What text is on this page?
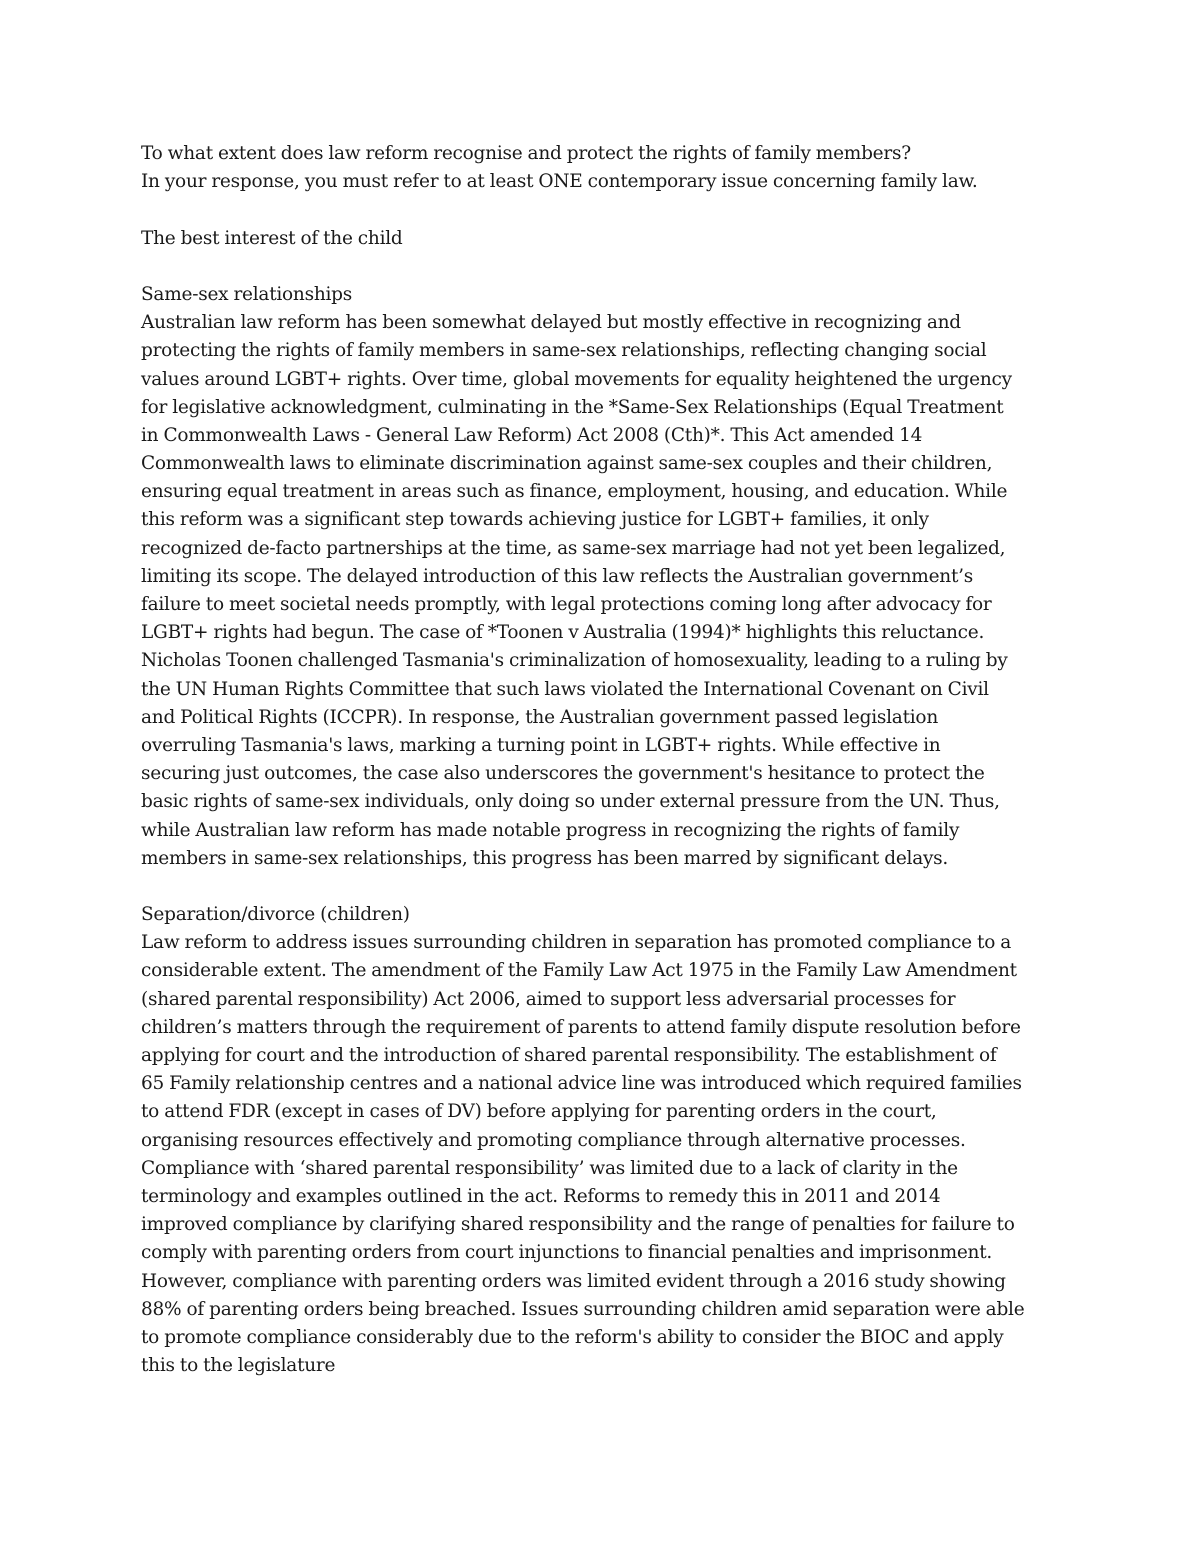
To what extent does law reform recognise and protect the rights of family members?
In your response, you must refer to at least ONE contemporary issue concerning family law.
The best interest of the child
Same-sex relationships
Australian law reform has been somewhat delayed but mostly effective in recognizing and
protecting the rights of family members in same-sex relationships, reflecting changing social
values around LGBT+ rights. Over time, global movements for equality heightened the urgency
for legislative acknowledgment, culminating in the *Same-Sex Relationships (Equal Treatment
in Commonwealth Laws - General Law Reform) Act 2008 (Cth)*. This Act amended 14
Commonwealth laws to eliminate discrimination against same-sex couples and their children,
ensuring equal treatment in areas such as finance, employment, housing, and education. While
this reform was a significant step towards achieving justice for LGBT+ families, it only
recognized de-facto partnerships at the time, as same-sex marriage had not yet been legalized,
limiting its scope. The delayed introduction of this law reflects the Australian government’s
failure to meet societal needs promptly, with legal protections coming long after advocacy for
LGBT+ rights had begun. The case of *Toonen v Australia (1994)* highlights this reluctance.
Nicholas Toonen challenged Tasmania's criminalization of homosexuality, leading to a ruling by
the UN Human Rights Committee that such laws violated the International Covenant on Civil
and Political Rights (ICCPR). In response, the Australian government passed legislation
overruling Tasmania's laws, marking a turning point in LGBT+ rights. While effective in
securing just outcomes, the case also underscores the government's hesitance to protect the
basic rights of same-sex individuals, only doing so under external pressure from the UN. Thus,
while Australian law reform has made notable progress in recognizing the rights of family
members in same-sex relationships, this progress has been marred by significant delays.
Separation/divorce (children)
Law reform to address issues surrounding children in separation has promoted compliance to a
considerable extent. The amendment of the Family Law Act 1975 in the Family Law Amendment
(shared parental responsibility) Act 2006, aimed to support less adversarial processes for
children’s matters through the requirement of parents to attend family dispute resolution before
applying for court and the introduction of shared parental responsibility. The establishment of
65 Family relationship centres and a national advice line was introduced which required families
to attend FDR (except in cases of DV) before applying for parenting orders in the court,
organising resources effectively and promoting compliance through alternative processes.
Compliance with ‘shared parental responsibility’ was limited due to a lack of clarity in the
terminology and examples outlined in the act. Reforms to remedy this in 2011 and 2014
improved compliance by clarifying shared responsibility and the range of penalties for failure to
comply with parenting orders from court injunctions to financial penalties and imprisonment.
However, compliance with parenting orders was limited evident through a 2016 study showing
88% of parenting orders being breached. Issues surrounding children amid separation were able
to promote compliance considerably due to the reform's ability to consider the BIOC and apply
this to the legislature
